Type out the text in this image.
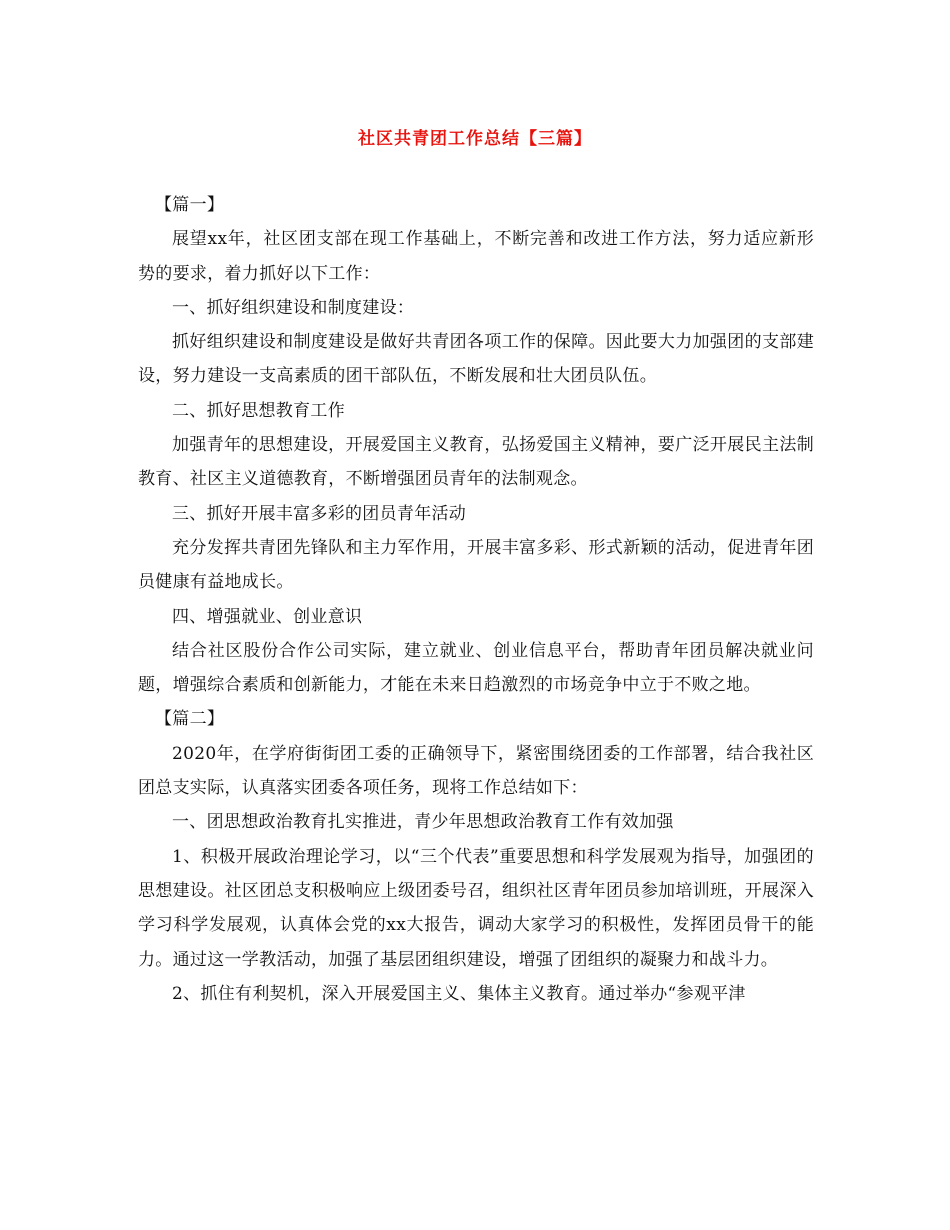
社区共青团工作总结【三篇】

【篇一】

展望xx年，社区团支部在现工作基础上，不断完善和改进工作方法，努力适应新形势的要求，着力抓好以下工作：

一、抓好组织建设和制度建设：

抓好组织建设和制度建设是做好共青团各项工作的保障。因此要大力加强团的支部建设，努力建设一支高素质的团干部队伍，不断发展和壮大团员队伍。

二、抓好思想教育工作

加强青年的思想建设，开展爱国主义教育，弘扬爱国主义精神，要广泛开展民主法制教育、社区主义道德教育，不断增强团员青年的法制观念。

三、抓好开展丰富多彩的团员青年活动

充分发挥共青团先锋队和主力军作用，开展丰富多彩、形式新颖的活动，促进青年团员健康有益地成长。

四、增强就业、创业意识

结合社区股份合作公司实际，建立就业、创业信息平台，帮助青年团员解决就业问题，增强综合素质和创新能力，才能在未来日趋激烈的市场竞争中立于不败之地。

【篇二】

2020年，在学府街街团工委的正确领导下，紧密围绕团委的工作部署，结合我社区团总支实际，认真落实团委各项任务，现将工作总结如下：

一、团思想政治教育扎实推进，青少年思想政治教育工作有效加强

1、积极开展政治理论学习，以“三个代表”重要思想和科学发展观为指导，加强团的思想建设。社区团总支积极响应上级团委号召，组织社区青年团员参加培训班，开展深入学习科学发展观，认真体会党的xx大报告，调动大家学习的积极性，发挥团员骨干的能力。通过这一学教活动，加强了基层团组织建设，增强了团组织的凝聚力和战斗力。

2、抓住有利契机，深入开展爱国主义、集体主义教育。通过举办“参观平津
